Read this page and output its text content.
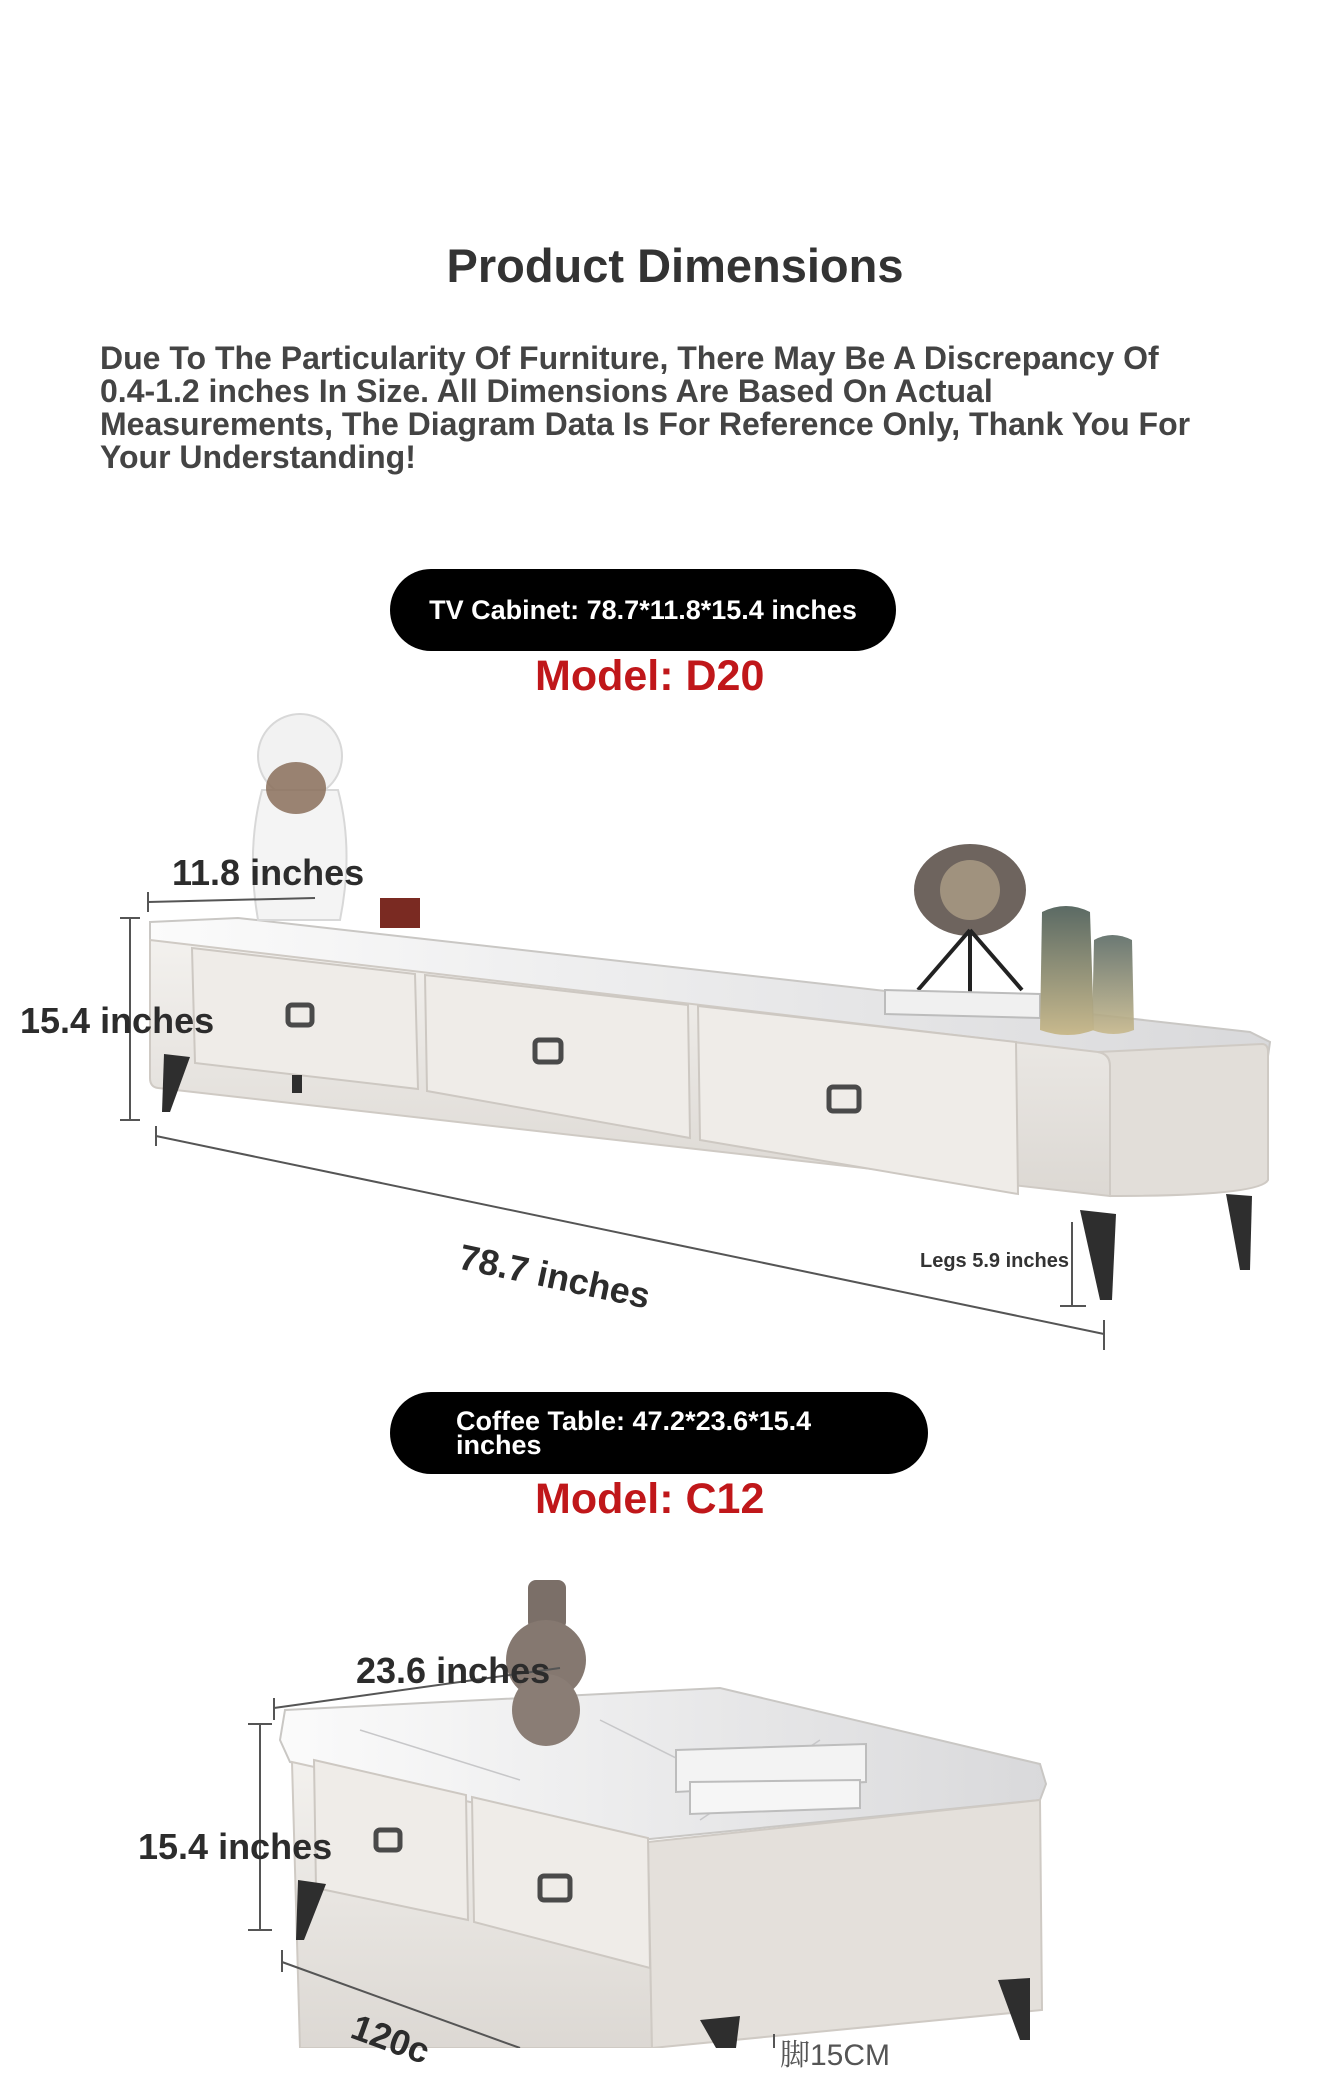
Product Dimensions
Due To The Particularity Of Furniture, There May Be A Discrepancy Of 0.4-1.2 inches In Size. All Dimensions Are Based On Actual Measurements, The Diagram Data Is For Reference Only, Thank You For Your Understanding!
TV Cabinet: 78.7*11.8*15.4 inches
Model: D20
11.8 inches
15.4 inches
78.7 inches	Legs 5.9 inches
Coffee Table: 47.2*23.6*15.4 inches
Model: C12
23.6 inches
15.4 inches
120c	脚15CM
